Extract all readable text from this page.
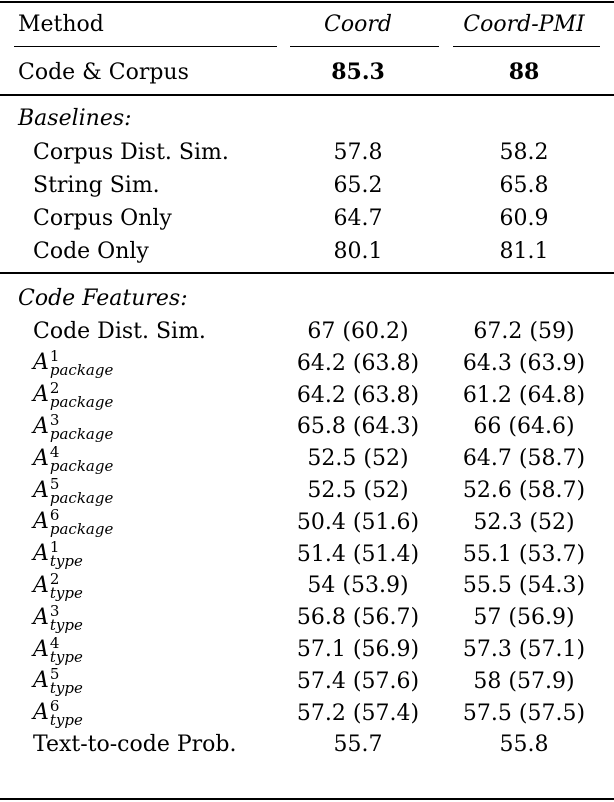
Method	Coord	Coord-PMI
Code & Corpus	85.3	88
Baselines:
Corpus Dist. Sim.	57.8	58.2
String Sim.	65.2	65.8
Corpus Only	64.7	60.9
Code Only	80.1	81.1
Code Features:
Code Dist. Sim.	67 (60.2)	67.2 (59)
A 1
package	64.2 (63.8)	64.3 (63.9)
A 2
package	64.2 (63.8)	61.2 (64.8)
A 3
package	65.8 (64.3)	66 (64.6)
A 4
package	52.5 (52)	64.7 (58.7)
A 5
package	52.5 (52)	52.6 (58.7)
A 6
package	50.4 (51.6)	52.3 (52)
A 1
type	51.4 (51.4)	55.1 (53.7)
A 2
type	54 (53.9)	55.5 (54.3)
A 3
type	56.8 (56.7)	57 (56.9)
A 4
type	57.1 (56.9)	57.3 (57.1)
A 5
type	57.4 (57.6)	58 (57.9)
A 6
type	57.2 (57.4)	57.5 (57.5)
Text-to-code Prob.	55.7	55.8
